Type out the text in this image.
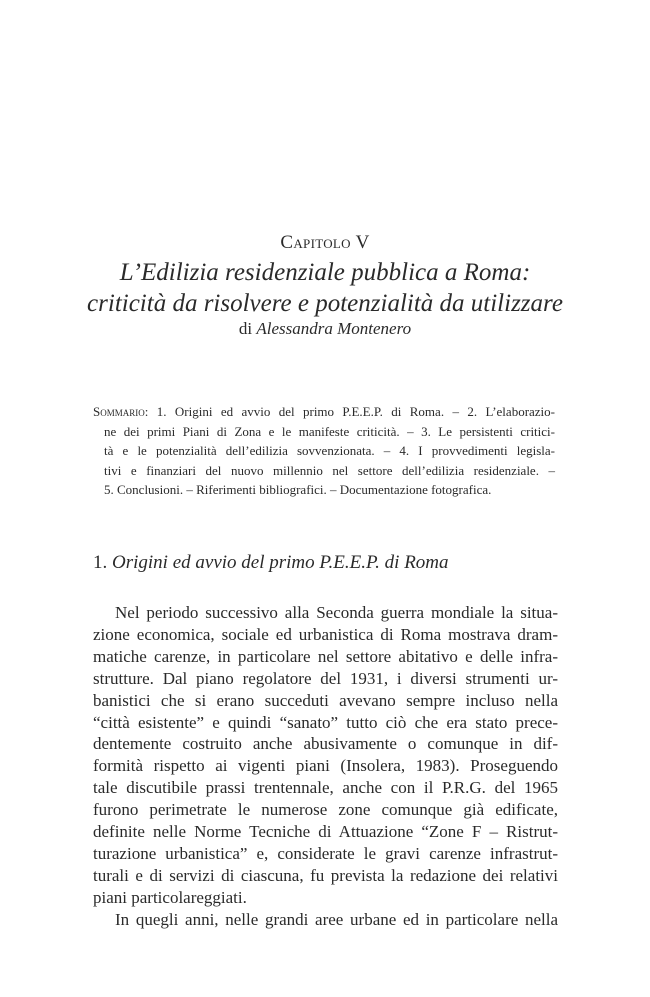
Capitolo V
L’Edilizia residenziale pubblica a Roma:
criticità da risolvere e potenzialità da utilizzare
di Alessandra Montenero
Sommario: 1. Origini ed avvio del primo P.E.E.P. di Roma. – 2. L’elaborazio-
ne dei primi Piani di Zona e le manifeste criticità. – 3. Le persistenti critici-
tà e le potenzialità dell’edilizia sovvenzionata. – 4. I provvedimenti legisla-
tivi e finanziari del nuovo millennio nel settore dell’edilizia residenziale. –
5. Conclusioni. – Riferimenti bibliografici. – Documentazione fotografica.
1. Origini ed avvio del primo P.E.E.P. di Roma
Nel periodo successivo alla Seconda guerra mondiale la situa-
zione economica, sociale ed urbanistica di Roma mostrava dram-
matiche carenze, in particolare nel settore abitativo e delle infra-
strutture. Dal piano regolatore del 1931, i diversi strumenti ur-
banistici che si erano succeduti avevano sempre incluso nella
“città esistente” e quindi “sanato” tutto ciò che era stato prece-
dentemente costruito anche abusivamente o comunque in dif-
formità rispetto ai vigenti piani (Insolera, 1983). Proseguendo
tale discutibile prassi trentennale, anche con il P.R.G. del 1965
furono perimetrate le numerose zone comunque già edificate,
definite nelle Norme Tecniche di Attuazione “Zone F – Ristrut-
turazione urbanistica” e, considerate le gravi carenze infrastrut-
turali e di servizi di ciascuna, fu prevista la redazione dei relativi
piani particolareggiati.
In quegli anni, nelle grandi aree urbane ed in particolare nella
